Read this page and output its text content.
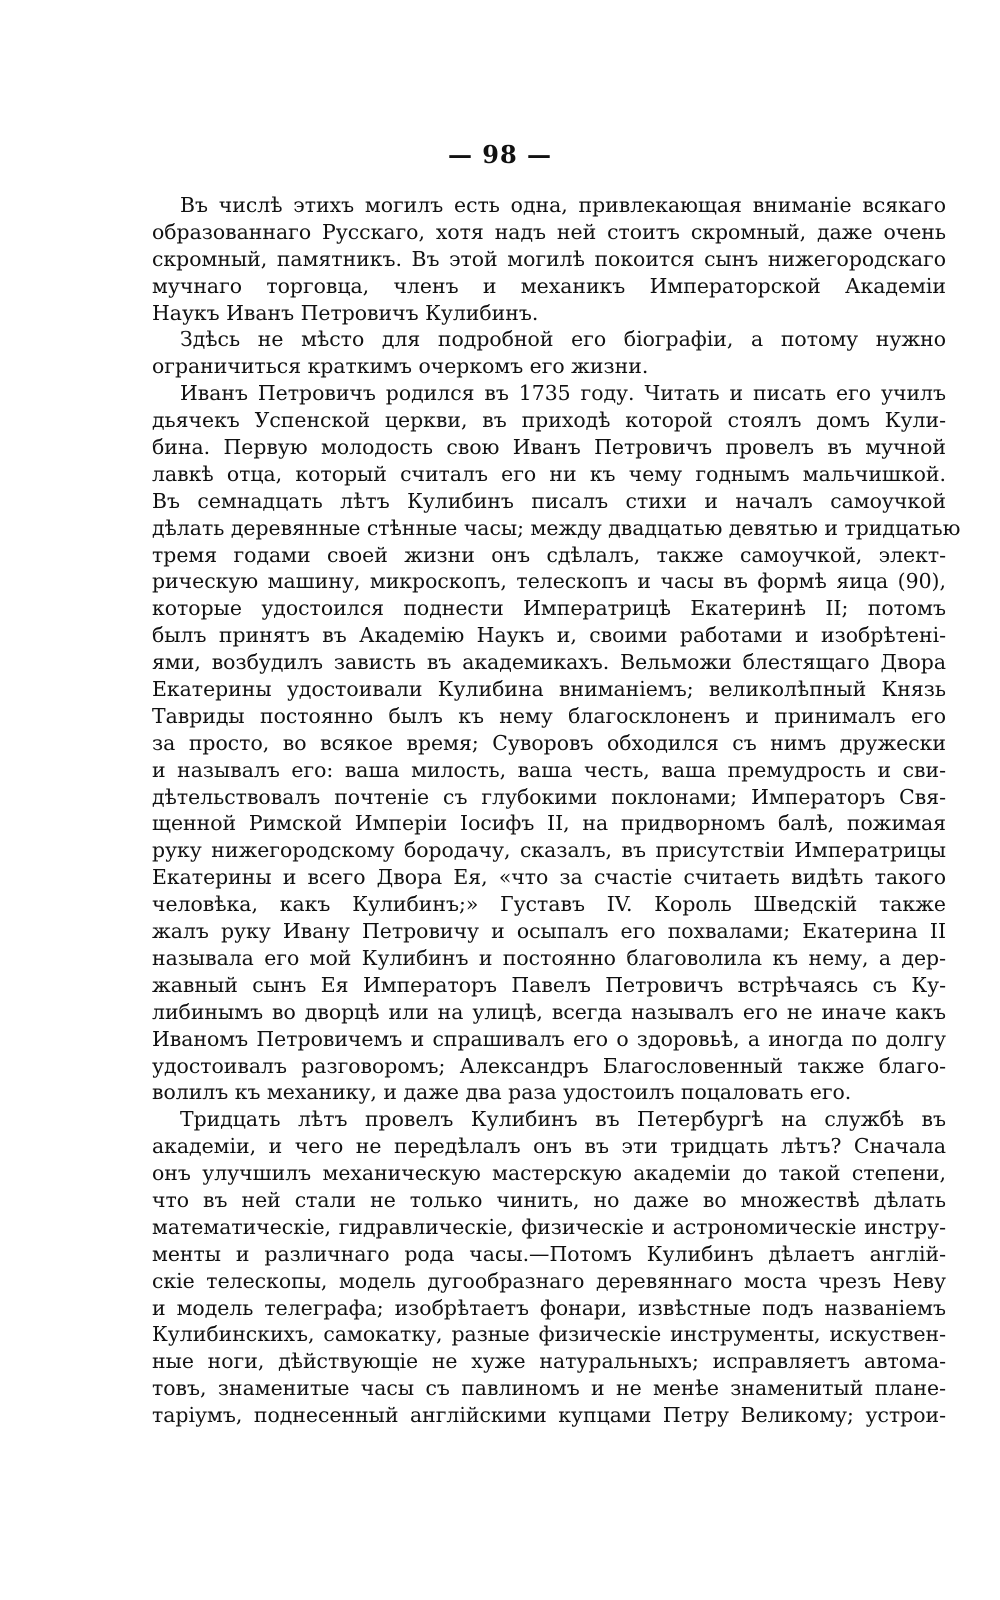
— 98 —
Въ числѣ этихъ могилъ есть одна, привлекающая вниманіе всякаго
образованнаго Русскаго, хотя надъ ней стоитъ скромный, даже очень
скромный, памятникъ. Въ этой могилѣ покоится сынъ нижегородскаго
мучнаго торговца, членъ и механикъ Императорской Академіи
Наукъ Иванъ Петровичъ Кулибинъ.
Здѣсь не мѣсто для подробной его біографіи, а потому нужно
ограничиться краткимъ очеркомъ его жизни.
Иванъ Петровичъ родился въ 1735 году. Читать и писать его училъ
дьячекъ Успенской церкви, въ приходѣ которой стоялъ домъ Кули-
бина. Первую молодость свою Иванъ Петровичъ провелъ въ мучной
лавкѣ отца, который считалъ его ни къ чему годнымъ мальчишкой.
Въ семнадцать лѣтъ Кулибинъ писалъ стихи и началъ самоучкой
дѣлать деревянные стѣнные часы; между двадцатью девятью и тридцатью
тремя годами своей жизни онъ сдѣлалъ, также самоучкой, элект-
рическую машину, микроскопъ, телескопъ и часы въ формѣ яица (90),
которые удостоился поднести Императрицѣ Екатеринѣ II; потомъ
былъ принятъ въ Академію Наукъ и, своими работами и изобрѣтені-
ями, возбудилъ зависть въ академикахъ. Вельможи блестящаго Двора
Екатерины удостоивали Кулибина вниманіемъ; великолѣпный Князь
Тавриды постоянно былъ къ нему благосклоненъ и принималъ его
за просто, во всякое время; Суворовъ обходился съ нимъ дружески
и называлъ его: ваша милость, ваша честь, ваша премудрость и сви-
дѣтельствовалъ почтеніе съ глубокими поклонами; Императоръ Свя-
щенной Римской Имперіи Іосифъ II, на придворномъ балѣ, пожимая
руку нижегородскому бородачу, сказалъ, въ присутствіи Императрицы
Екатерины и всего Двора Ея, «что за счастіе считаеть видѣть такого
человѣка, какъ Кулибинъ;» Густавъ IV. Король Шведскій также
жалъ руку Ивану Петровичу и осыпалъ его похвалами; Екатерина II
называла его мой Кулибинъ и постоянно благоволила къ нему, а дер-
жавный сынъ Ея Императоръ Павелъ Петровичъ встрѣчаясь съ Ку-
либинымъ во дворцѣ или на улицѣ, всегда называлъ его не иначе какъ
Иваномъ Петровичемъ и спрашивалъ его о здоровьѣ, а иногда по долгу
удостоивалъ разговоромъ; Александръ Благословенный также благо-
волилъ къ механику, и даже два раза удостоилъ поцаловать его.
Тридцать лѣтъ провелъ Кулибинъ въ Петербургѣ на службѣ въ
академіи, и чего не передѣлалъ онъ въ эти тридцать лѣтъ? Сначала
онъ улучшилъ механическую мастерскую академіи до такой степени,
что въ ней стали не только чинить, но даже во множествѣ дѣлать
математическіе, гидравлическіе, физическіе и астрономическіе инстру-
менты и различнаго рода часы.—Потомъ Кулибинъ дѣлаетъ англій-
скіе телескопы, модель дугообразнаго деревяннаго моста чрезъ Неву
и модель телеграфа; изобрѣтаетъ фонари, извѣстные подъ названіемъ
Кулибинскихъ, самокатку, разные физическіе инструменты, искуствен-
ные ноги, дѣйствующіе не хуже натуральныхъ; исправляетъ автома-
товъ, знаменитые часы съ павлиномъ и не менѣе знаменитый плане-
таріумъ, поднесенный англійскими купцами Петру Великому; устрои-
